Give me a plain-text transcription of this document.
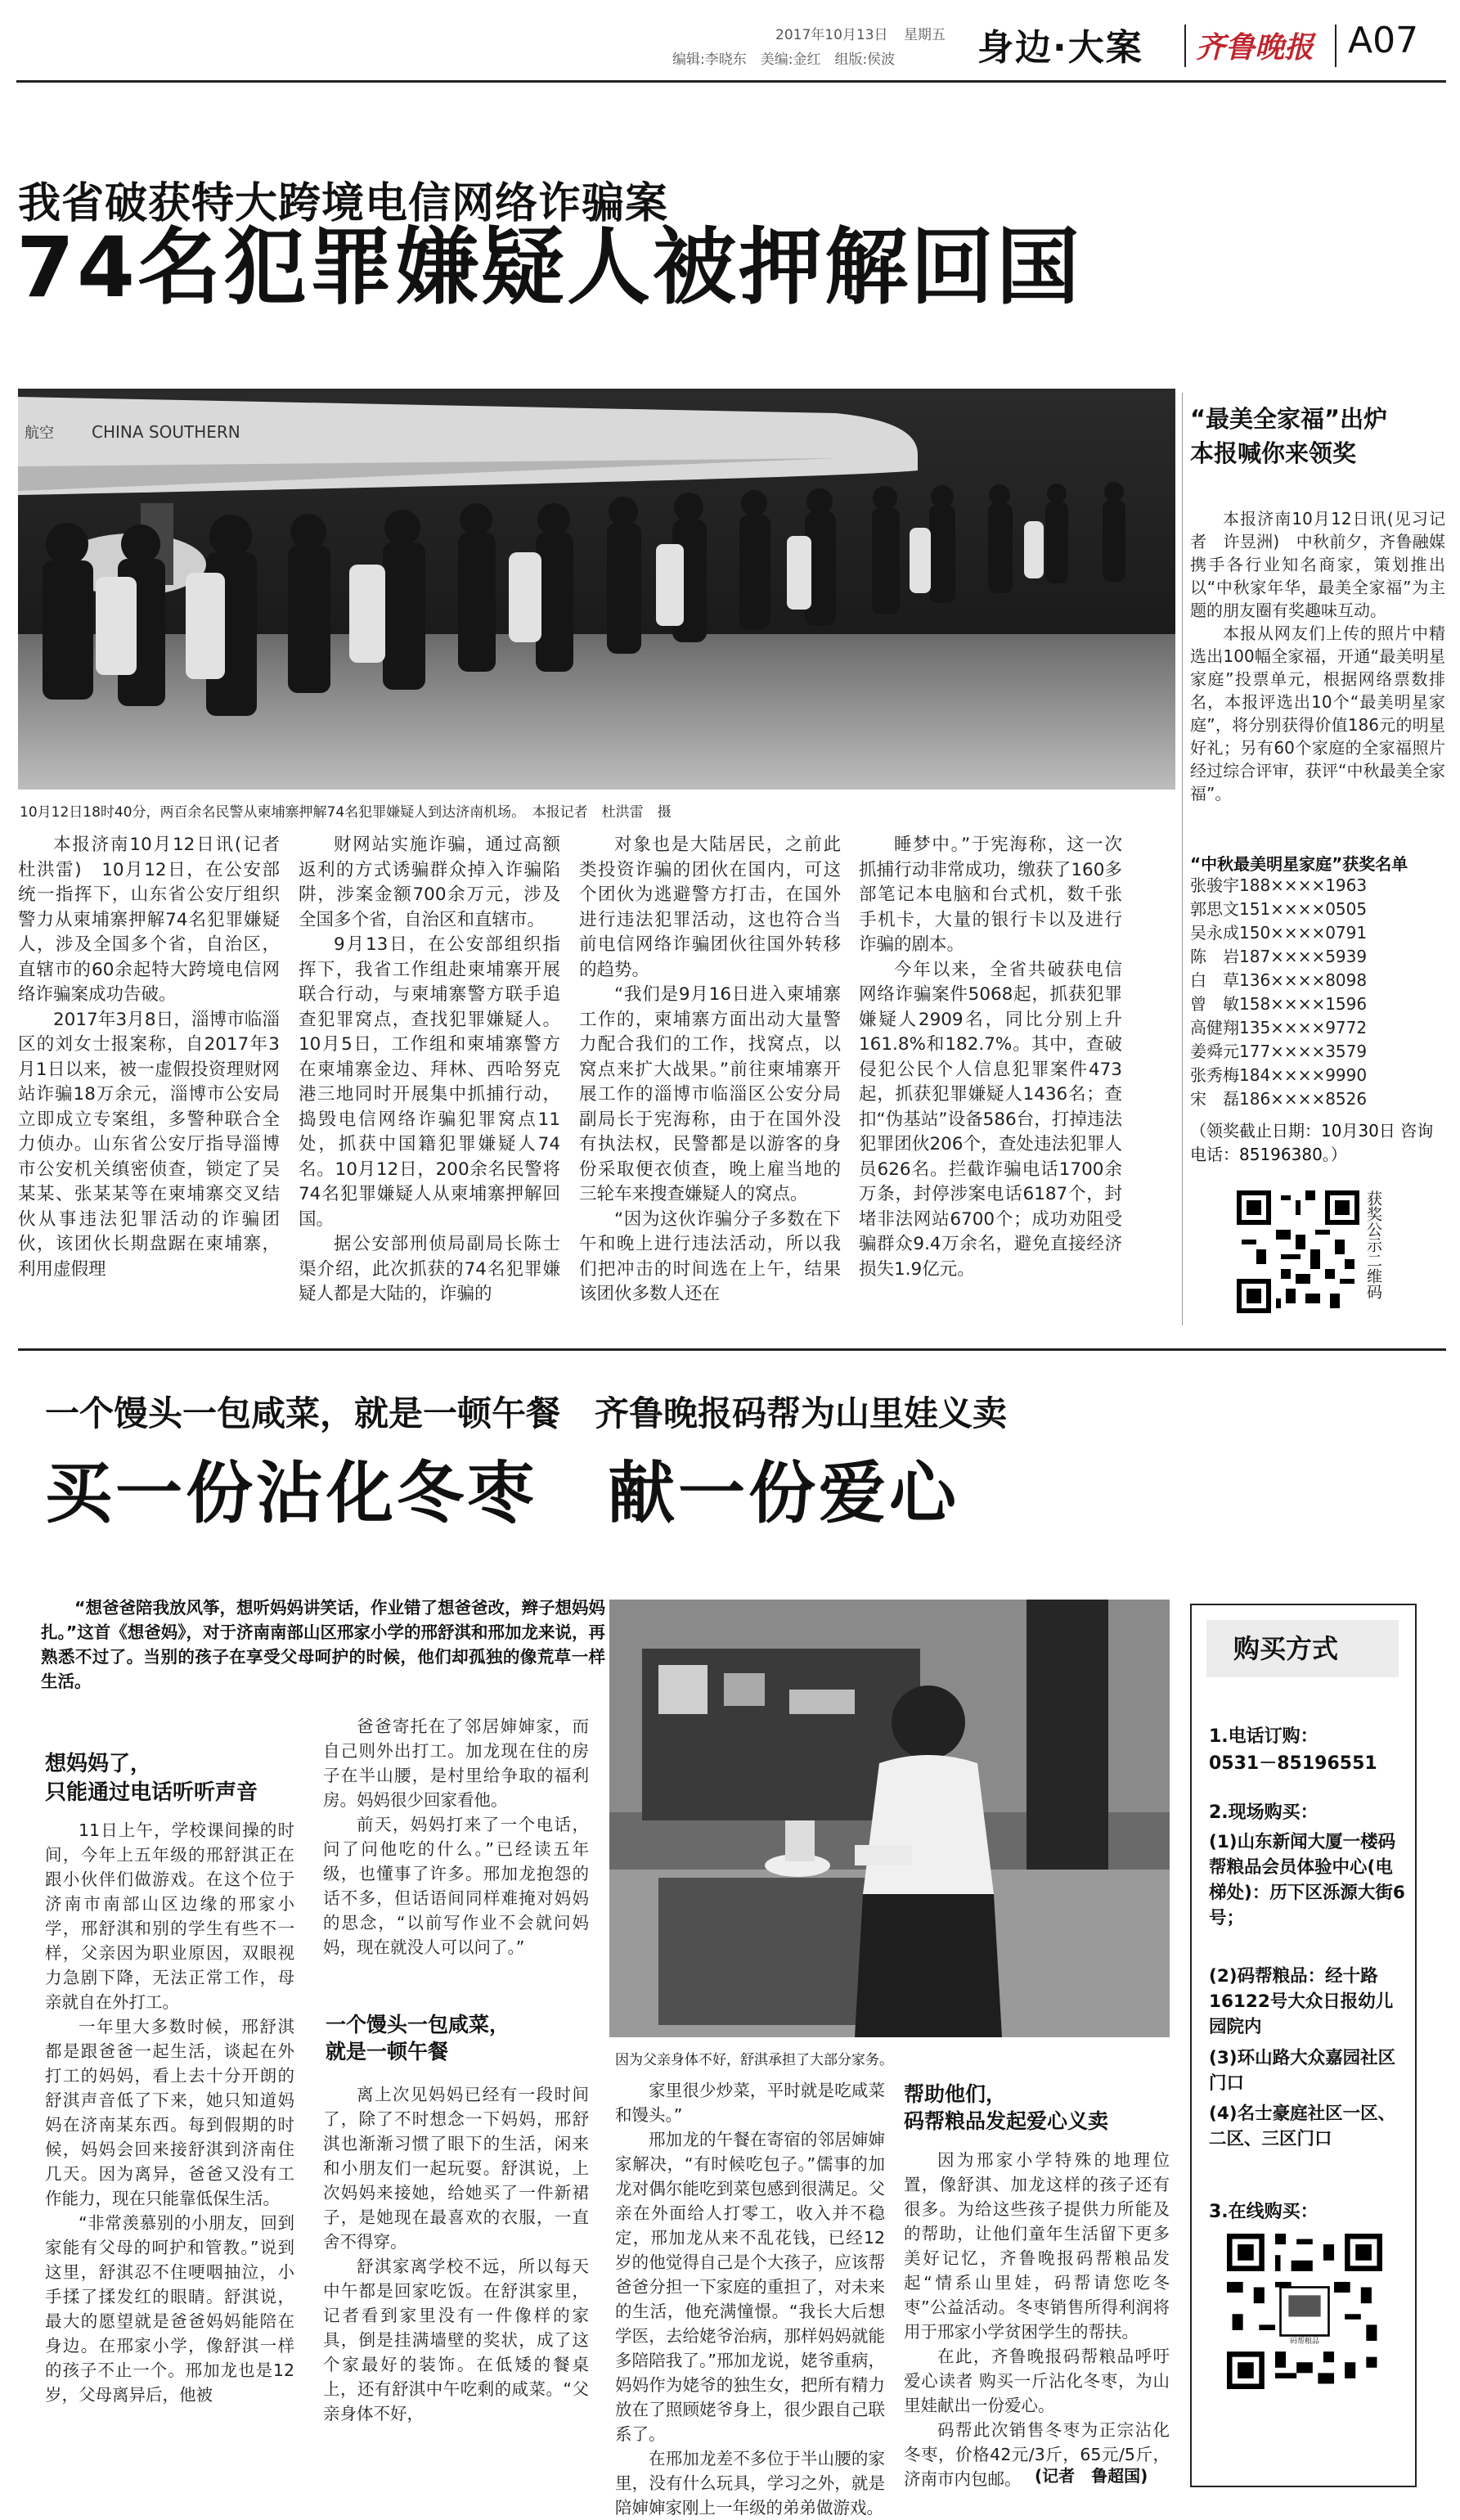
2017年10月13日 星期五
编辑:李晓东　美编:金红　组版:侯波 身边·大案 齐鲁晚报 A07
我省破获特大跨境电信网络诈骗案
74名犯罪嫌疑人被押解回国
CHINA SOUTHERN
航空
10月12日18时40分，两百余名民警从柬埔寨押解74名犯罪嫌疑人到达济南机场。　本报记者　杜洪雷　摄

本报济南10月12日讯(记者　杜洪雷)　10月12日，在公安部统一指挥下，山东省公安厅组织警力从柬埔寨押解74名犯罪嫌疑人，涉及全国多个省，自治区，直辖市的60余起特大跨境电信网络诈骗案成功告破。

2017年3月8日，淄博市临淄区的刘女士报案称，自2017年3月1日以来，被一虚假投资理财网站诈骗18万余元，淄博市公安局立即成立专案组，多警种联合全力侦办。山东省公安厅指导淄博市公安机关缜密侦查，锁定了吴某某、张某某等在柬埔寨交叉结伙从事违法犯罪活动的诈骗团伙，该团伙长期盘踞在柬埔寨，利用虚假理

财网站实施诈骗，通过高额返利的方式诱骗群众掉入诈骗陷阱，涉案金额700余万元，涉及全国多个省，自治区和直辖市。

9月13日，在公安部组织指挥下，我省工作组赴柬埔寨开展联合行动，与柬埔寨警方联手追查犯罪窝点，查找犯罪嫌疑人。10月5日，工作组和柬埔寨警方在柬埔寨金边、拜林、西哈努克港三地同时开展集中抓捕行动，捣毁电信网络诈骗犯罪窝点11处，抓获中国籍犯罪嫌疑人74名。10月12日，200余名民警将74名犯罪嫌疑人从柬埔寨押解回国。

据公安部刑侦局副局长陈士渠介绍，此次抓获的74名犯罪嫌疑人都是大陆的，诈骗的

对象也是大陆居民，之前此类投资诈骗的团伙在国内，可这个团伙为逃避警方打击，在国外进行违法犯罪活动，这也符合当前电信网络诈骗团伙往国外转移的趋势。

“我们是9月16日进入柬埔寨工作的，柬埔寨方面出动大量警力配合我们的工作，找窝点，以窝点来扩大战果。”前往柬埔寨开展工作的淄博市临淄区公安分局副局长于宪海称，由于在国外没有执法权，民警都是以游客的身份采取便衣侦查，晚上雇当地的三轮车来搜查嫌疑人的窝点。

“因为这伙诈骗分子多数在下午和晚上进行违法活动，所以我们把冲击的时间选在上午，结果该团伙多数人还在

睡梦中。”于宪海称，这一次抓捕行动非常成功，缴获了160多部笔记本电脑和台式机，数千张手机卡，大量的银行卡以及进行诈骗的剧本。

今年以来，全省共破获电信网络诈骗案件5068起，抓获犯罪嫌疑人2909名，同比分别上升161.8%和182.7%。其中，查破侵犯公民个人信息犯罪案件473起，抓获犯罪嫌疑人1436名；查扣“伪基站”设备586台，打掉违法犯罪团伙206个，查处违法犯罪人员626名。拦截诈骗电话1700余万条，封停涉案电话6187个，封堵非法网站6700个；成功劝阻受骗群众9.4万余名，避免直接经济损失1.9亿元。

“最美全家福”出炉
本报喊你来领奖

本报济南10月12日讯(见习记者　许昱洲)　中秋前夕，齐鲁融媒携手各行业知名商家，策划推出以“中秋家年华，最美全家福”为主题的朋友圈有奖趣味互动。

本报从网友们上传的照片中精选出100幅全家福，开通“最美明星家庭”投票单元，根据网络票数排名，本报评选出10个“最美明星家庭”，将分别获得价值186元的明星好礼；另有60个家庭的全家福照片经过综合评审，获评“中秋最美全家福”。

“中秋最美明星家庭”获奖名单
张骏宇188××××1963
郭思文151××××0505
吴永成150××××0791
陈　岩187××××5939
白　草136××××8098
曾　敏158××××1596
高健翔135××××9772
姜舜元177××××3579
张秀梅184××××9990
宋　磊186××××8526
（领奖截止日期：10月30日 咨询电话：85196380。）
获奖公示二维码
一个馒头一包咸菜，就是一顿午餐　齐鲁晚报码帮为山里娃义卖
买一份沾化冬枣　献一份爱心
“想爸爸陪我放风筝，想听妈妈讲笑话，作业错了想爸爸改，辫子想妈妈扎。”这首《想爸妈》，对于济南南部山区邢家小学的邢舒淇和邢加龙来说，再熟悉不过了。当别的孩子在享受父母呵护的时候，他们却孤独的像荒草一样生活。
因为父亲身体不好，舒淇承担了大部分家务。
想妈妈了，
只能通过电话听听声音

11日上午，学校课间操的时间，今年上五年级的邢舒淇正在跟小伙伴们做游戏。在这个位于济南市南部山区边缘的邢家小学，邢舒淇和别的学生有些不一样，父亲因为职业原因，双眼视力急剧下降，无法正常工作，母亲就自在外打工。

一年里大多数时候，邢舒淇都是跟爸爸一起生活，谈起在外打工的妈妈，看上去十分开朗的舒淇声音低了下来，她只知道妈妈在济南某东西。每到假期的时候，妈妈会回来接舒淇到济南住几天。因为离异，爸爸又没有工作能力，现在只能靠低保生活。

“非常羡慕别的小朋友，回到家能有父母的呵护和管教。”说到这里，舒淇忍不住哽咽抽泣，小手揉了揉发红的眼睛。舒淇说，最大的愿望就是爸爸妈妈能陪在身边。在邢家小学，像舒淇一样的孩子不止一个。邢加龙也是12岁，父母离异后，他被

爸爸寄托在了邻居婶婶家，而自己则外出打工。加龙现在住的房子在半山腰，是村里给争取的福利房。妈妈很少回家看他。

前天，妈妈打来了一个电话，问了问他吃的什么。”已经读五年级，也懂事了许多。邢加龙抱怨的话不多，但话语间同样难掩对妈妈的思念，“以前写作业不会就问妈妈，现在就没人可以问了。”

一个馒头一包咸菜，
就是一顿午餐

离上次见妈妈已经有一段时间了，除了不时想念一下妈妈，邢舒淇也渐渐习惯了眼下的生活，闲来和小朋友们一起玩耍。舒淇说，上次妈妈来接她，给她买了一件新裙子，是她现在最喜欢的衣服，一直舍不得穿。

舒淇家离学校不远，所以每天中午都是回家吃饭。在舒淇家里，记者看到家里没有一件像样的家具，倒是挂满墙壁的奖状，成了这个家最好的装饰。在低矮的餐桌上，还有舒淇中午吃剩的咸菜。“父亲身体不好，

家里很少炒菜，平时就是吃咸菜和馒头。”

邢加龙的午餐在寄宿的邻居婶婶家解决，“有时候吃包子。”儒事的加龙对偶尔能吃到菜包感到很满足。父亲在外面给人打零工，收入并不稳定，邢加龙从来不乱花钱，已经12岁的他觉得自己是个大孩子，应该帮爸爸分担一下家庭的重担了，对未来的生活，他充满憧憬。“我长大后想学医，去给姥爷治病，那样妈妈就能多陪陪我了。”邢加龙说，姥爷重病，妈妈作为姥爷的独生女，把所有精力放在了照顾姥爷身上，很少跟自己联系了。

在邢加龙差不多位于半山腰的家里，没有什么玩具，学习之外，就是陪婶婶家刚上一年级的弟弟做游戏。

帮助他们，
码帮粮品发起爱心义卖

因为邢家小学特殊的地理位置，像舒淇、加龙这样的孩子还有很多。为给这些孩子提供力所能及的帮助，让他们童年生活留下更多美好记忆，齐鲁晚报码帮粮品发起“情系山里娃，码帮请您吃冬枣”公益活动。冬枣销售所得利润将用于邢家小学贫困学生的帮扶。

在此，齐鲁晚报码帮粮品呼吁爱心读者 购买一斤沾化冬枣，为山里娃献出一份爱心。

码帮此次销售冬枣为正宗沾化冬枣，价格42元/3斤，65元/5斤，济南市内包邮。 (记者　鲁超国)
购买方式
1.电话订购：
0531－85196551
2.现场购买：
(1)山东新闻大厦一楼码帮粮品会员体验中心(电梯处)：历下区泺源大街6号；
(2)码帮粮品：经十路16122号大众日报幼儿园院内
(3)环山路大众嘉园社区门口
(4)名士豪庭社区一区、二区、三区门口
3.在线购买：
码帮粮品
